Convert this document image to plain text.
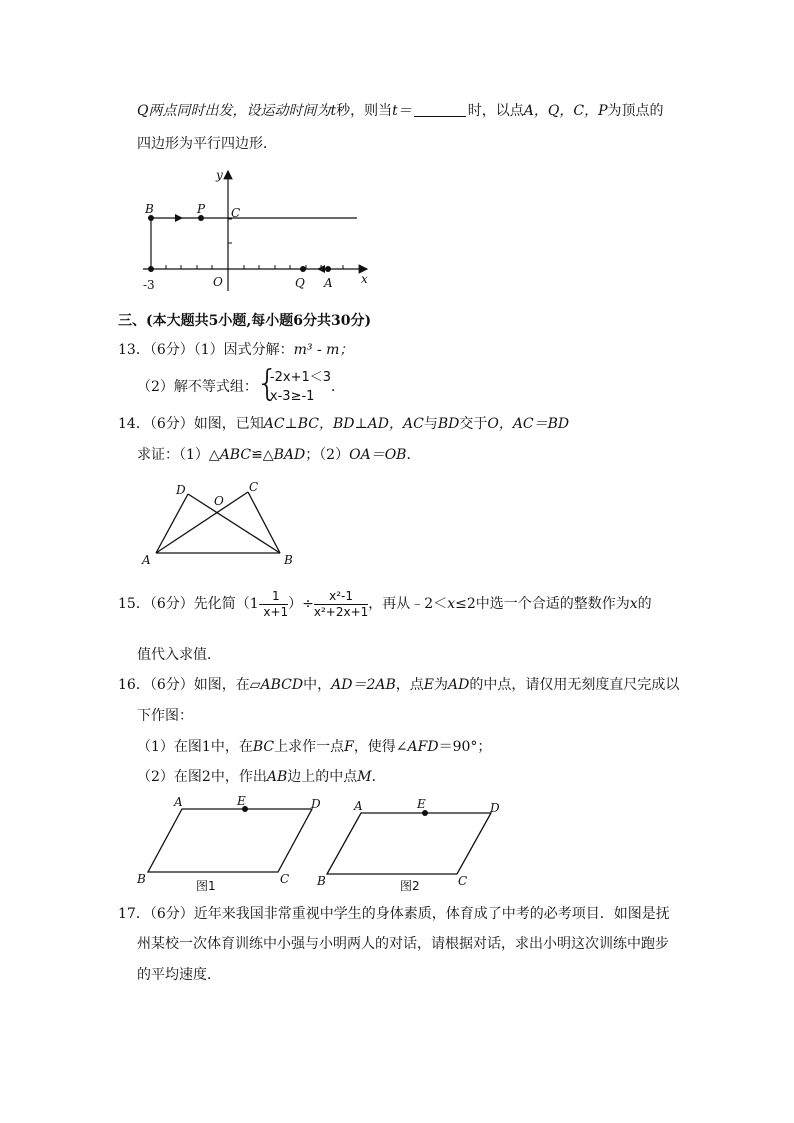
Q两点同时出发，设运动时间为t秒，则当t＝	时，以点A，Q，C，P为顶点的
四边形为平行四边形．
y
x
B	P C
O	Q A
-3
三、(本大题共5小题,每小题6分共30分)
13．（6分）（1）因式分解：m³ - m；
（2）解不等式组：
{ -2x+1＜3
x-3≥-1
．
14．（6分）如图，已知AC⊥BC，BD⊥AD，AC与BD交于O，AC＝BD
求证：（1）△ABC≌△BAD；（2）OA＝OB．
D
O
C
A	B
15．（6分）先化简（$1- \frac{1}{x+1}$ ）÷ $\frac{\text{x²-1}}{\text{x²+2x+1}}$ ，再从﹣2＜x≤2中选一个合适的整数作为x的
值代入求值．
16．（6分）如图，在▱ABCD中，AD＝2AB，点E为AD的中点，请仅用无刻度直尺完成以
下作图：
（1）在图1中，在BC上求作一点F，使得∠AFD＝90°；
（2）在图2中，作出AB边上的中点M．
A	E	D
B	C
图1
A	E	D
B	C
图2
17．（6分）近年来我国非常重视中学生的身体素质，体育成了中考的必考项目．如图是抚
州某校一次体育训练中小强与小明两人的对话，请根据对话，求出小明这次训练中跑步
的平均速度．
